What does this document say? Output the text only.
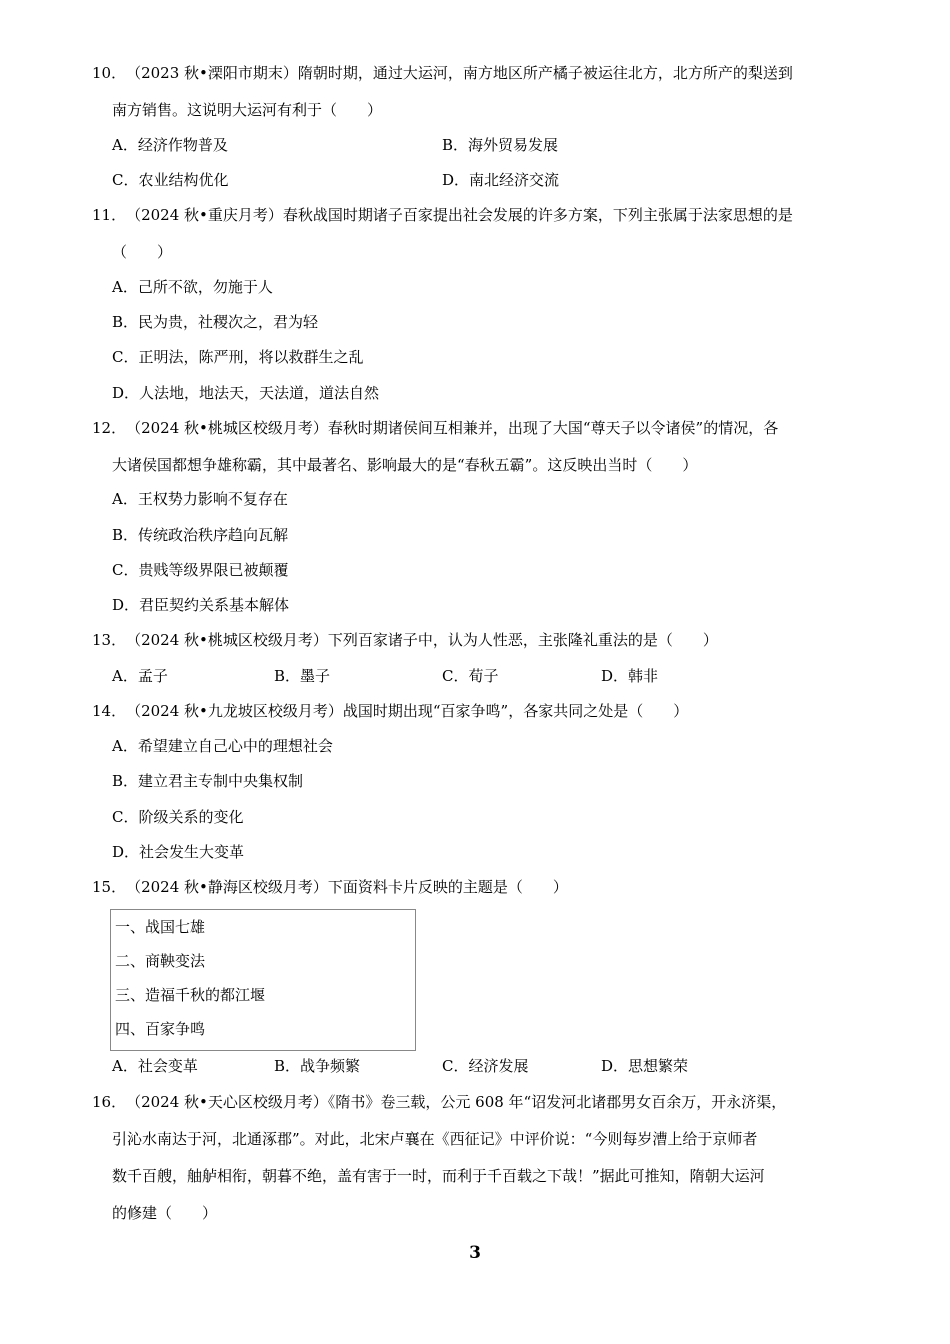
10．（2023 秋•溧阳市期末）隋朝时期，通过大运河，南方地区所产橘子被运往北方，北方所产的梨送到
南方销售。这说明大运河有利于（　　）
A．经济作物普及	B．海外贸易发展
C．农业结构优化	D．南北经济交流
11．（2024 秋•重庆月考）春秋战国时期诸子百家提出社会发展的许多方案，下列主张属于法家思想的是
（　　）
A．己所不欲，勿施于人
B．民为贵，社稷次之，君为轻
C．正明法，陈严刑，将以救群生之乱
D．人法地，地法天，天法道，道法自然
12．（2024 秋•桃城区校级月考）春秋时期诸侯间互相兼并，出现了大国“尊天子以令诸侯”的情况，各
大诸侯国都想争雄称霸，其中最著名、影响最大的是“春秋五霸”。这反映出当时（　　）
A．王权势力影响不复存在
B．传统政治秩序趋向瓦解
C．贵贱等级界限已被颠覆
D．君臣契约关系基本解体
13．（2024 秋•桃城区校级月考）下列百家诸子中，认为人性恶，主张隆礼重法的是（　　）
A．孟子	B．墨子	C．荀子	D．韩非
14．（2024 秋•九龙坡区校级月考）战国时期出现“百家争鸣”，各家共同之处是（　　）
A．希望建立自己心中的理想社会
B．建立君主专制中央集权制
C．阶级关系的变化
D．社会发生大变革
15．（2024 秋•静海区校级月考）下面资料卡片反映的主题是（　　）
一、战国七雄
二、商鞅变法
三、造福千秋的都江堰
四、百家争鸣
A．社会变革	B．战争频繁	C．经济发展	D．思想繁荣
16．（2024 秋•天心区校级月考）《隋书》卷三载，公元 608 年“诏发河北诸郡男女百余万，开永济渠，
引沁水南达于河，北通涿郡”。对此，北宋卢襄在《西征记》中评价说：“今则每岁漕上给于京师者
数千百艘，舳舻相衔，朝暮不绝，盖有害于一时，而利于千百载之下哉！”据此可推知，隋朝大运河
的修建（　　）
3
